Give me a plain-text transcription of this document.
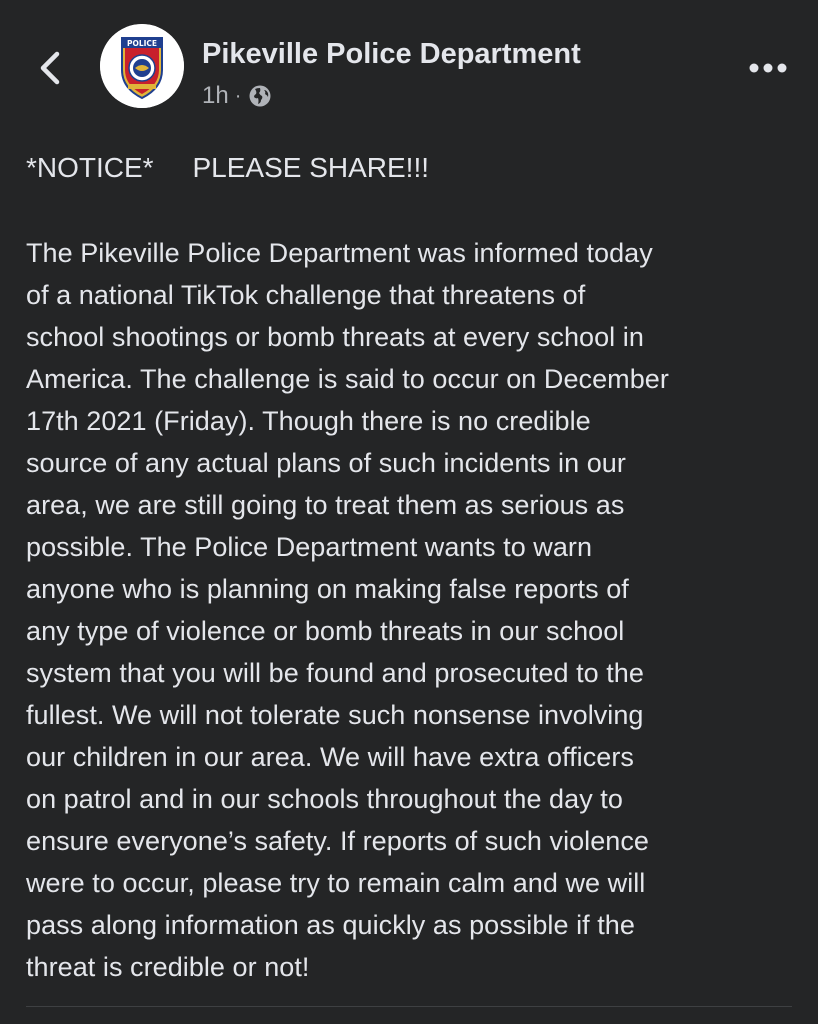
POLICE Pikeville Police Department
1h ·
*NOTICE*     PLEASE SHARE!!!
The Pikeville Police Department was informed today
of a national TikTok challenge that threatens of
school shootings or bomb threats at every school in
America. The challenge is said to occur on December
17th 2021 (Friday). Though there is no credible
source of any actual plans of such incidents in our
area, we are still going to treat them as serious as
possible. The Police Department wants to warn
anyone who is planning on making false reports of
any type of violence or bomb threats in our school
system that you will be found and prosecuted to the
fullest. We will not tolerate such nonsense involving
our children in our area. We will have extra officers
on patrol and in our schools throughout the day to
ensure everyone’s safety. If reports of such violence
were to occur, please try to remain calm and we will
pass along information as quickly as possible if the
threat is credible or not!
